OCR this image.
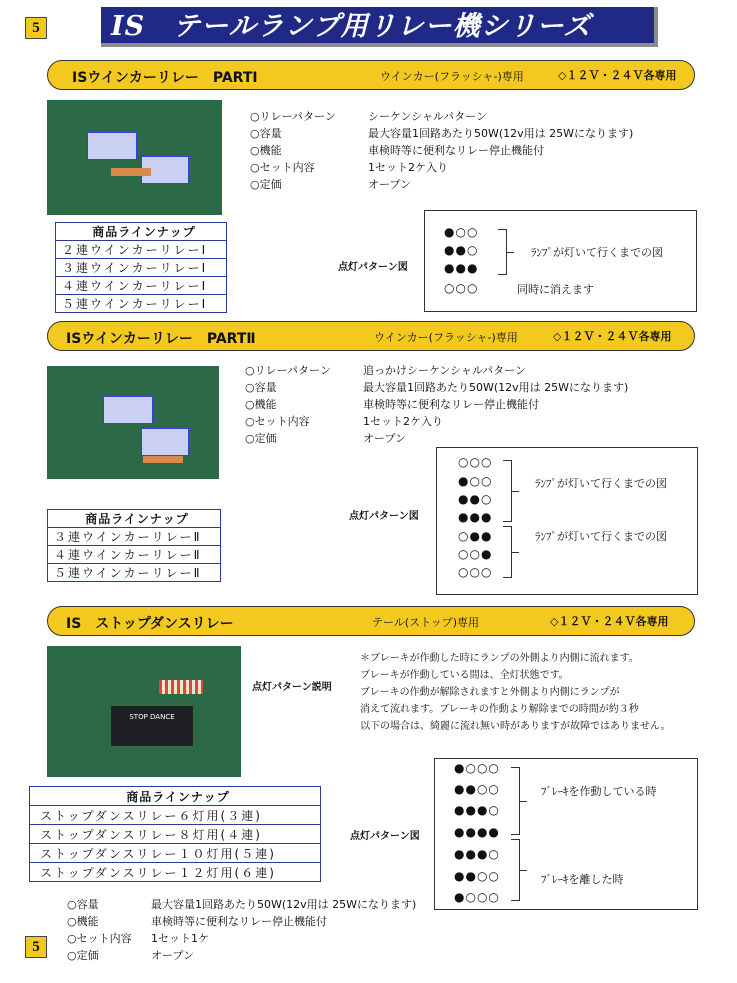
5
5
IS　テールランプ用リレー機シリーズ
ISウインカーリレー　PARTⅠ	ウインカー(フラッシャ-)専用	◇１２Ｖ・２４Ｖ各専用
○リレーパターン	シーケンシャルパターン
○容量	最大容量1回路あたり50W(12v用は 25Wになります)
○機能	車検時等に便利なリレー停止機能付
○セット内容	1セット2ケ入り
○定価	オープン
商品ラインナップ
２連ウインカーリレーⅠ
３連ウインカーリレーⅠ
４連ウインカーリレーⅠ
５連ウインカーリレーⅠ
点灯パターン図
●○○
●●○
●●●
○○○
ﾗﾝﾌﾟが灯いて行くまでの図
同時に消えます
ISウインカーリレー　PARTⅡ	ウインカー(フラッシャ-)専用	◇１２Ｖ・２４Ｖ各専用
○リレーパターン	追っかけシーケンシャルパターン
○容量	最大容量1回路あたり50W(12v用は 25Wになります)
○機能	車検時等に便利なリレー停止機能付
○セット内容	1セット2ケ入り
○定価	オープン
商品ラインナップ
３連ウインカーリレーⅡ
４連ウインカーリレーⅡ
５連ウインカーリレーⅡ
点灯パターン図
○○○
●○○
●●○
●●●
○●●
○○●
○○○
ﾗﾝﾌﾟが灯いて行くまでの図
ﾗﾝﾌﾟが灯いて行くまでの図
IS　ストップダンスリレー	テール(ストップ)専用	◇１２Ｖ・２４Ｖ各専用
STOP DANCE
点灯パターン説明
＊ブレーキが作動した時にランプの外側より内側に流れます。
ブレーキが作動している間は、全灯状態です。
ブレーキの作動が解除されますと外側より内側にランプが
消えて流れます。ブレーキの作動より解除までの時間が約３秒
以下の場合は、綺麗に流れ無い時がありますが故障ではありません。
商品ラインナップ
ストップダンスリレー６灯用(３連)
ストップダンスリレー８灯用(４連)
ストップダンスリレー１０灯用(５連)
ストップダンスリレー１２灯用(６連)
点灯パターン図
●○○○
●●○○
●●●○
●●●●
●●●○
●●○○
●○○○
ﾌﾞﾚｰｷを作動している時
ﾌﾞﾚｰｷを離した時
○容量	最大容量1回路あたり50W(12v用は 25Wになります)
○機能	車検時等に便利なリレー停止機能付
○セット内容 1セット1ケ
○定価	オープン
